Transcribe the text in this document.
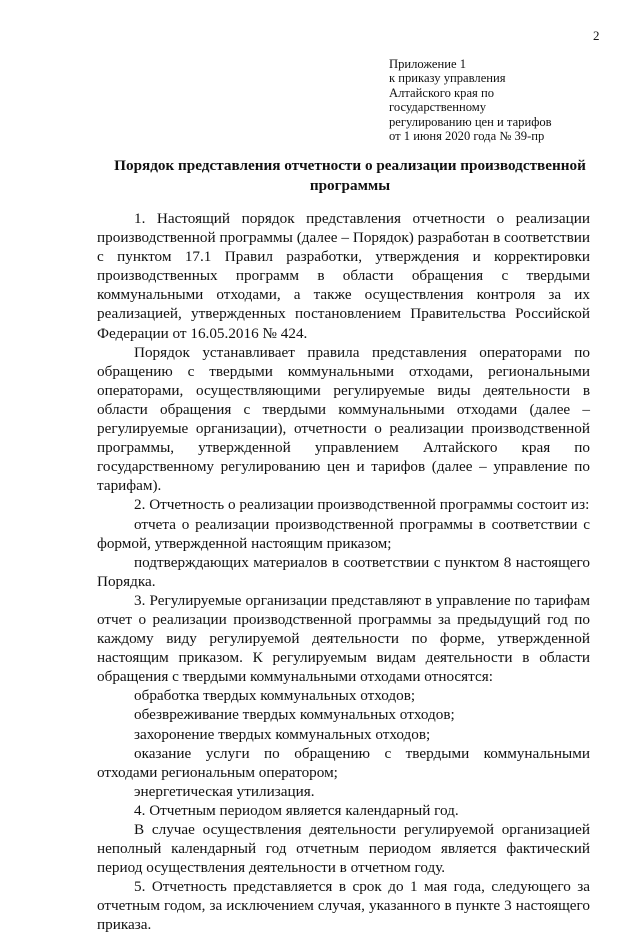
2
Приложение 1
к приказу управления
Алтайского края по
государственному
регулированию цен и тарифов
от 1 июня 2020 года № 39-пр
Порядок представления отчетности о реализации производственной программы

1. Настоящий порядок представления отчетности о реализации производственной программы (далее – Порядок) разработан в соответствии с пунктом 17.1 Правил разработки, утверждения и корректировки производственных программ в области обращения с твердыми коммунальными отходами, а также осуществления контроля за их реализацией, утвержденных постановлением Правительства Российской Федерации от 16.05.2016 № 424.

Порядок устанавливает правила представления операторами по обращению с твердыми коммунальными отходами, региональными операторами, осуществляющими регулируемые виды деятельности в области обращения с твердыми коммунальными отходами (далее – регулируемые организации), отчетности о реализации производственной программы, утвержденной управлением Алтайского края по государственному регулированию цен и тарифов (далее – управление по тарифам).

2. Отчетность о реализации производственной программы состоит из:

отчета о реализации производственной программы в соответствии с формой, утвержденной настоящим приказом;

подтверждающих материалов в соответствии с пунктом 8 настоящего Порядка.

3. Регулируемые организации представляют в управление по тарифам отчет о реализации производственной программы за предыдущий год по каждому виду регулируемой деятельности по форме, утвержденной настоящим приказом. К регулируемым видам деятельности в области обращения с твердыми коммунальными отходами относятся:

обработка твердых коммунальных отходов;

обезвреживание твердых коммунальных отходов;

захоронение твердых коммунальных отходов;

оказание услуги по обращению с твердыми коммунальными отходами региональным оператором;

энергетическая утилизация.

4. Отчетным периодом является календарный год.

В случае осуществления деятельности регулируемой организацией неполный календарный год отчетным периодом является фактический период осуществления деятельности в отчетном году.

5. Отчетность представляется в срок до 1 мая года, следующего за отчетным годом, за исключением случая, указанного в пункте 3 настоящего приказа.
